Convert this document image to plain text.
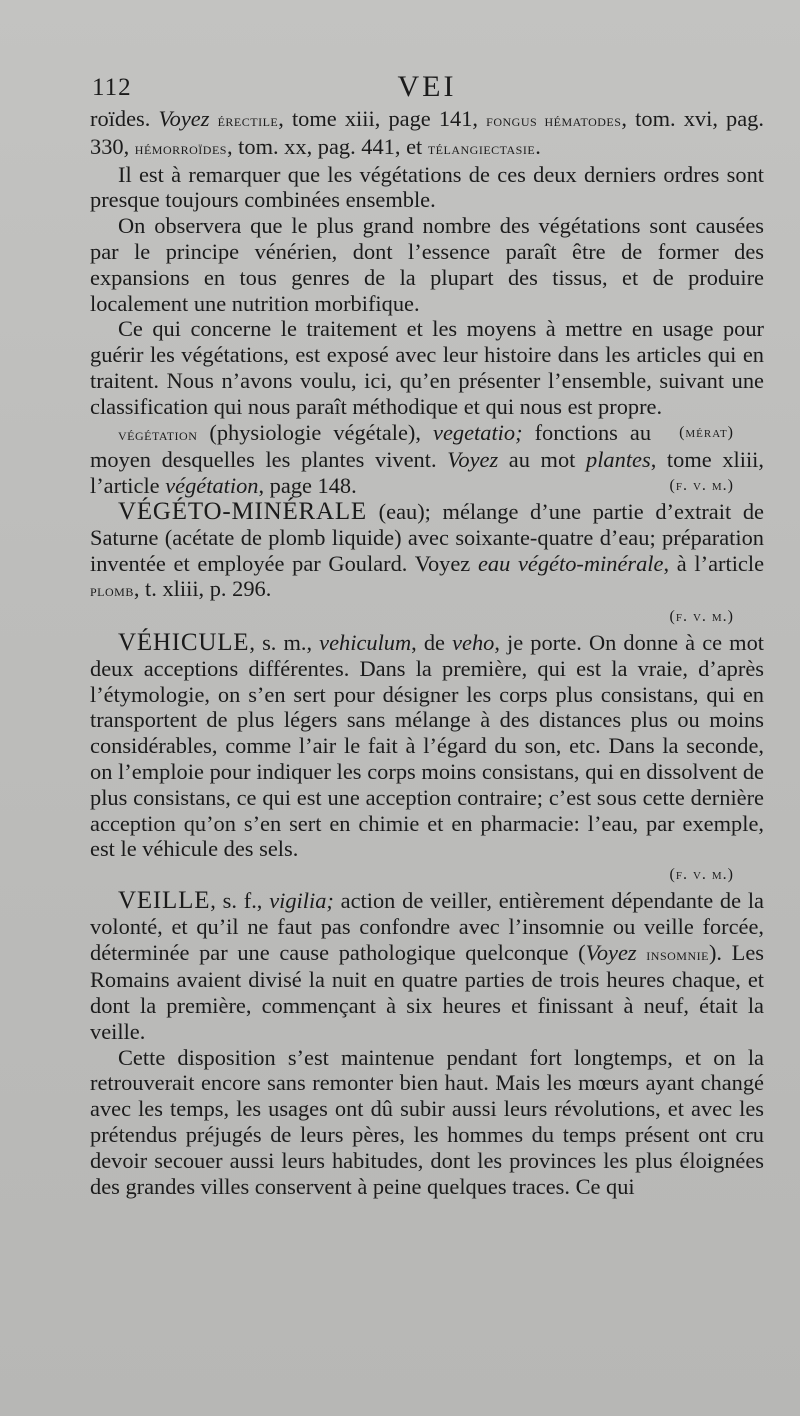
112	VEI

roïdes. Voyez érectile, tome xiii, page 141, fongus hématodes, tom. xvi, pag. 330, hémorroïdes, tom. xx, pag. 441, et télangiectasie.

Il est à remarquer que les végétations de ces deux derniers ordres sont presque toujours combinées ensemble.

On observera que le plus grand nombre des végétations sont causées par le principe vénérien, dont l’essence paraît être de former des expansions en tous genres de la plupart des tissus, et de produire localement une nutrition morbifique.

Ce qui concerne le traitement et les moyens à mettre en usage pour guérir les végétations, est exposé avec leur histoire dans les articles qui en traitent. Nous n’avons voulu, ici, qu’en présenter l’ensemble, suivant une classification qui nous paraît méthodique et qui nous est propre.
(mérat)

végétation (physiologie végétale), vegetatio; fonctions au moyen desquelles les plantes vivent. Voyez au mot plantes, tome xliii, l’article végétation, page 148.	(f. v. m.)

VÉGÉTO-MINÉRALE (eau); mélange d’une partie d’extrait de Saturne (acétate de plomb liquide) avec soixante-quatre d’eau; préparation inventée et employée par Goulard. Voyez eau végéto-minérale, à l’article plomb, t. xliii, p. 296.

(f. v. m.)

VÉHICULE, s. m., vehiculum, de veho, je porte. On donne à ce mot deux acceptions différentes. Dans la première, qui est la vraie, d’après l’étymologie, on s’en sert pour désigner les corps plus consistans, qui en transportent de plus légers sans mélange à des distances plus ou moins considérables, comme l’air le fait à l’égard du son, etc. Dans la seconde, on l’emploie pour indiquer les corps moins consistans, qui en dissolvent de plus consistans, ce qui est une acception contraire; c’est sous cette dernière acception qu’on s’en sert en chimie et en pharmacie: l’eau, par exemple, est le véhicule des sels.

(f. v. m.)

VEILLE, s. f., vigilia; action de veiller, entièrement dépendante de la volonté, et qu’il ne faut pas confondre avec l’insomnie ou veille forcée, déterminée par une cause pathologique quelconque (Voyez insomnie). Les Romains avaient divisé la nuit en quatre parties de trois heures chaque, et dont la première, commençant à six heures et finissant à neuf, était la veille.

Cette disposition s’est maintenue pendant fort longtemps, et on la retrouverait encore sans remonter bien haut. Mais les mœurs ayant changé avec les temps, les usages ont dû subir aussi leurs révolutions, et avec les prétendus préjugés de leurs pères, les hommes du temps présent ont cru devoir secouer aussi leurs habitudes, dont les provinces les plus éloignées des grandes villes conservent à peine quelques traces. Ce qui
